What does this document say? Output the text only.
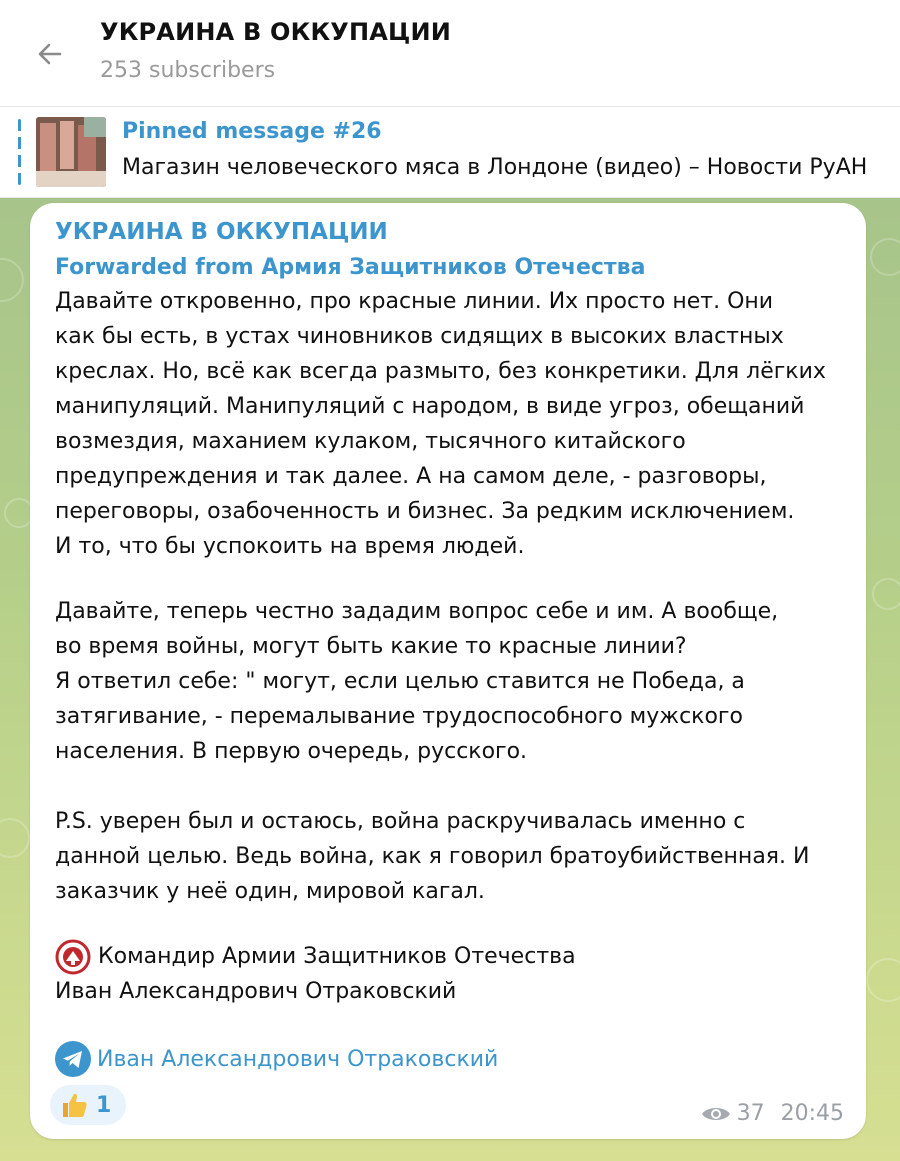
УКРАИНА В ОККУПАЦИИ
253 subscribers
Pinned message #26
Магазин человеческого мяса в Лондоне (видео) – Новости РуАН
УКРАИНА В ОККУПАЦИИ
Forwarded from Армия Защитников Отечества
Давайте откровенно, про красные линии. Их просто нет. Они
как бы есть, в устах чиновников сидящих в высоких властных
креслах. Но, всё как всегда размыто, без конкретики. Для лёгких
манипуляций. Манипуляций с народом, в виде угроз, обещаний
возмездия, маханием кулаком, тысячного китайского
предупреждения и так далее. А на самом деле, - разговоры,
переговоры, озабоченность и бизнес. За редким исключением.
И то, что бы успокоить на время людей.
Давайте, теперь честно зададим вопрос себе и им. А вообще,
во время войны, могут быть какие то красные линии?
Я ответил себе: " могут, если целью ставится не Победа, а
затягивание, - перемалывание трудоспособного мужского
населения. В первую очередь, русского.
P.S. уверен был и остаюсь, война раскручивалась именно с
данной целью. Ведь война, как я говорил братоубийственная. И
заказчик у неё один, мировой кагал.
Командир Армии Защитников Отечества
Иван Александрович Отраковский
Иван Александрович Отраковский
1	37 20:45
